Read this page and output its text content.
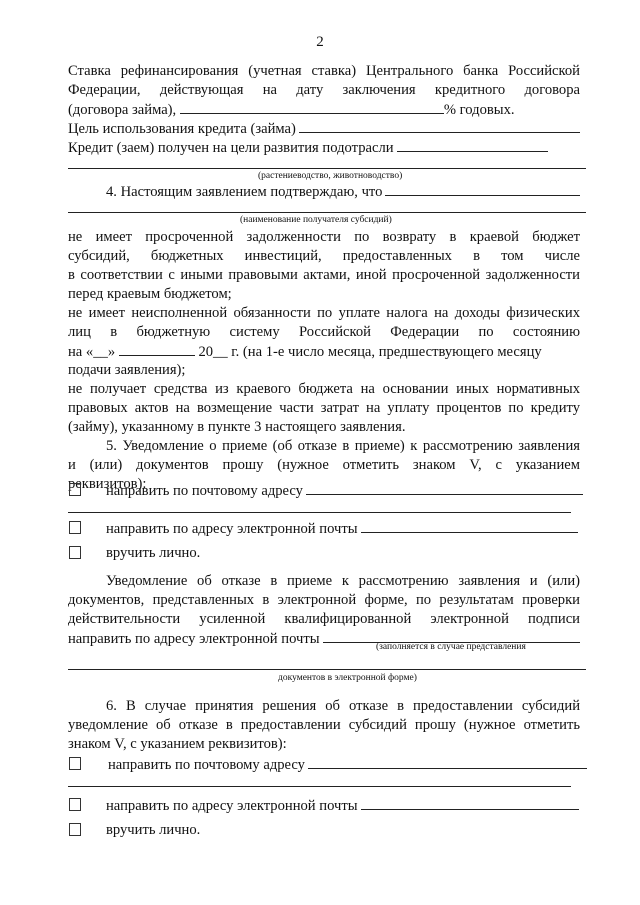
2
Ставка рефинансирования (учетная ставка) Центрального банка Российской
Федерации, действующая на дату заключения кредитного договора
(договора займа),	% годовых.
Цель использования кредита (займа)
Кредит (заем) получен на цели развития подотрасли
(растениеводство, животноводство)
4. Настоящим заявлением подтверждаю, что
(наименование получателя субсидий)
не имеет просроченной задолженности по возврату в краевой бюджет
субсидий, бюджетных инвестиций, предоставленных в том числе
в соответствии с иными правовыми актами, иной просроченной задолженности
перед краевым бюджетом;
не имеет неисполненной обязанности по уплате налога на доходы физических
лиц в бюджетную систему Российской Федерации по состоянию
на «__»	20__ г. (на 1-е число месяца, предшествующего месяцу
подачи заявления);
не получает средства из краевого бюджета на основании иных нормативных
правовых актов на возмещение части затрат на уплату процентов по кредиту
(займу), указанному в пункте 3 настоящего заявления.
5. Уведомление о приеме (об отказе в приеме) к рассмотрению заявления
и (или) документов прошу (нужное отметить знаком V, с указанием
реквизитов):
направить по почтовому адресу
направить по адресу электронной почты
вручить лично.
Уведомление об отказе в приеме к рассмотрению заявления и (или)
документов, представленных в электронной форме, по результатам проверки
действительности усиленной квалифицированной электронной подписи
направить по адресу электронной почты	(заполняется в случае представления
документов в электронной форме)
6. В случае принятия решения об отказе в предоставлении субсидий
уведомление об отказе в предоставлении субсидий прошу (нужное отметить
знаком V, с указанием реквизитов):
направить по почтовому адресу
направить по адресу электронной почты
вручить лично.
